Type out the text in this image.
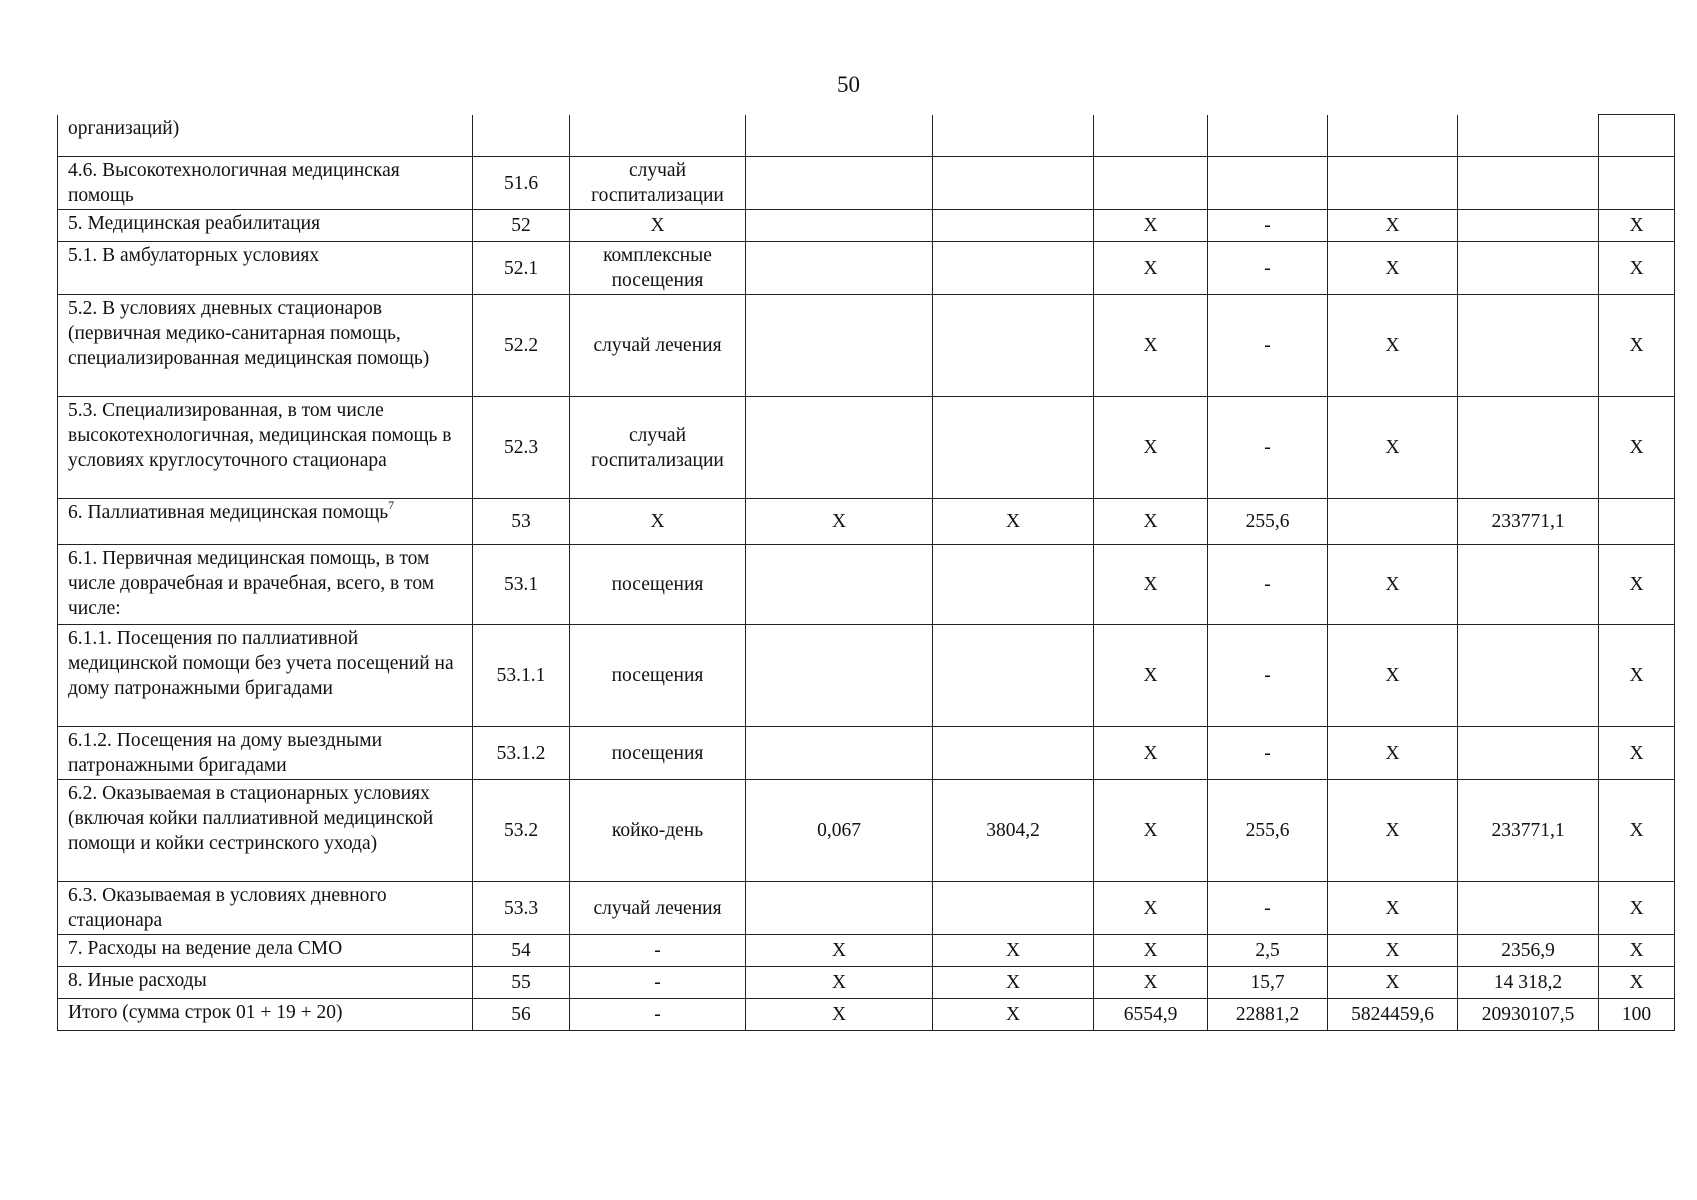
50
организаций)									
4.6. Высокотехнологичная медицинская помощь	51.6	случай госпитализации							
5. Медицинская реабилитация	52	X			X	-	X		X
5.1. В амбулаторных условиях	52.1	комплексные посещения			X	-	X		X
5.2. В условиях дневных стационаров (первичная медико-санитарная помощь, специализированная медицинская помощь)	52.2	случай лечения			X	-	X		X
5.3. Специализированная, в том числе высокотехнологичная, медицинская помощь в условиях круглосуточного стационара	52.3	случай госпитализации			X	-	X		X
6. Паллиативная медицинская помощь$^7$	53	X	X	X	X	255,6		233771,1	
6.1. Первичная медицинская помощь, в том числе доврачебная и врачебная, всего, в том числе:	53.1	посещения			X	-	X		X
6.1.1. Посещения по паллиативной медицинской помощи без учета посещений на дому патронажными бригадами	53.1.1	посещения			X	-	X		X
6.1.2. Посещения на дому выездными патронажными бригадами	53.1.2	посещения			X	-	X		X
6.2. Оказываемая в стационарных условиях (включая койки паллиативной медицинской помощи и койки сестринского ухода)	53.2	койко-день	0,067	3804,2	X	255,6	X	233771,1	X
6.3. Оказываемая в условиях дневного стационара	53.3	случай лечения			X	-	X		X
7. Расходы на ведение дела СМО	54	-	X	X	X	2,5	X	2356,9	X
8. Иные расходы	55	-	X	X	X	15,7	X	14 318,2	X
Итого (сумма строк 01 + 19 + 20)	56	-	X	X	6554,9	22881,2	5824459,6	20930107,5	100
